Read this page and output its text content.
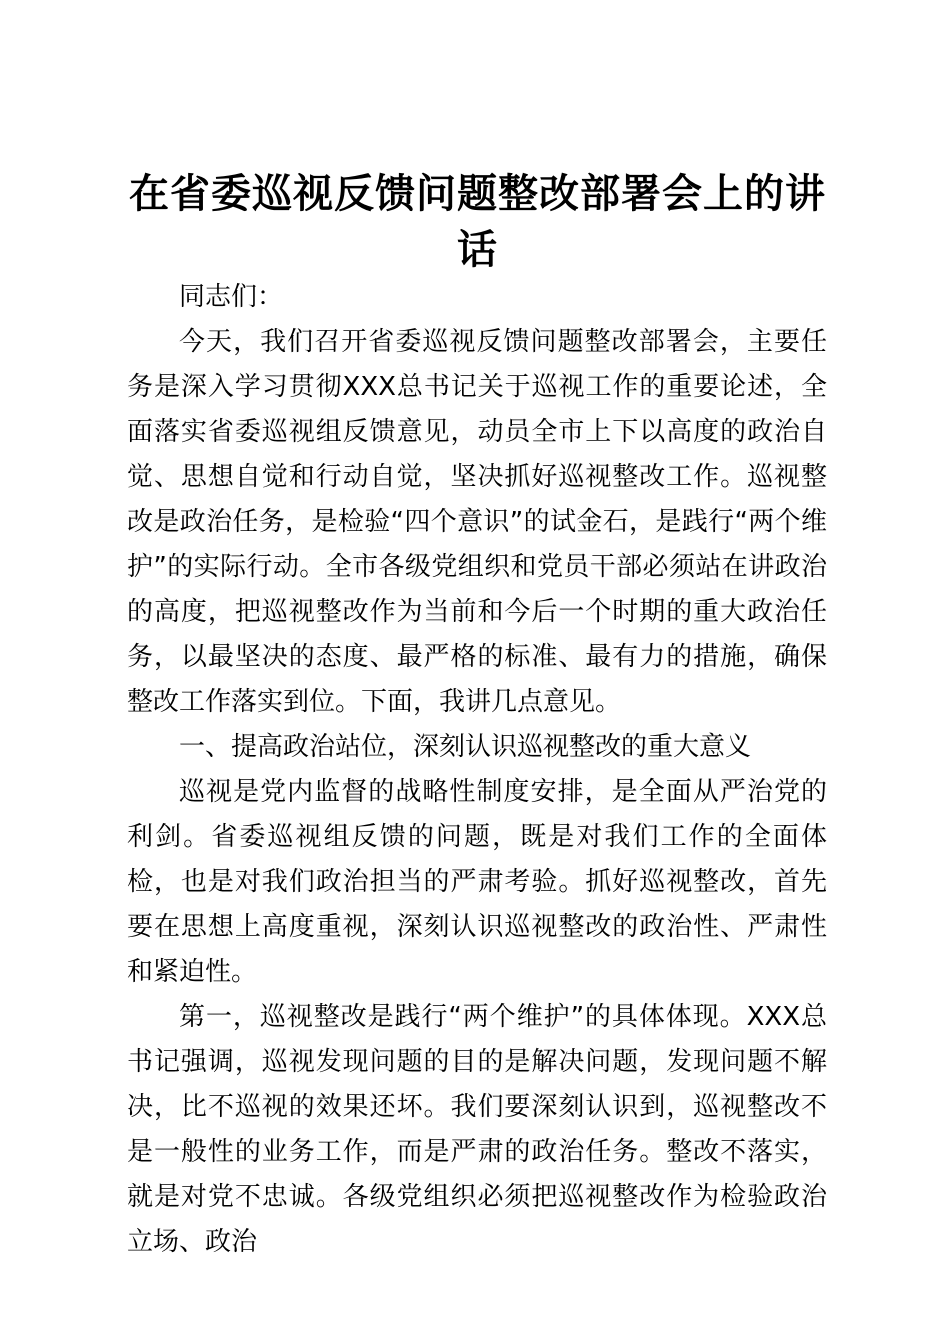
在省委巡视反馈问题整改部署会上的讲
话

同志们：

今天，我们召开省委巡视反馈问题整改部署会，主要任务是深入学习贯彻XXX总书记关于巡视工作的重要论述，全面落实省委巡视组反馈意见，动员全市上下以高度的政治自觉、思想自觉和行动自觉，坚决抓好巡视整改工作。巡视整改是政治任务，是检验“四个意识”的试金石，是践行“两个维护”的实际行动。全市各级党组织和党员干部必须站在讲政治的高度，把巡视整改作为当前和今后一个时期的重大政治任务，以最坚决的态度、最严格的标准、最有力的措施，确保整改工作落实到位。下面，我讲几点意见。

一、提高政治站位，深刻认识巡视整改的重大意义

巡视是党内监督的战略性制度安排，是全面从严治党的利剑。省委巡视组反馈的问题，既是对我们工作的全面体检，也是对我们政治担当的严肃考验。抓好巡视整改，首先要在思想上高度重视，深刻认识巡视整改的政治性、严肃性和紧迫性。

第一，巡视整改是践行“两个维护”的具体体现。XXX总书记强调，巡视发现问题的目的是解决问题，发现问题不解决，比不巡视的效果还坏。我们要深刻认识到，巡视整改不是一般性的业务工作，而是严肃的政治任务。整改不落实，就是对党不忠诚。各级党组织必须把巡视整改作为检验政治立场、政治
